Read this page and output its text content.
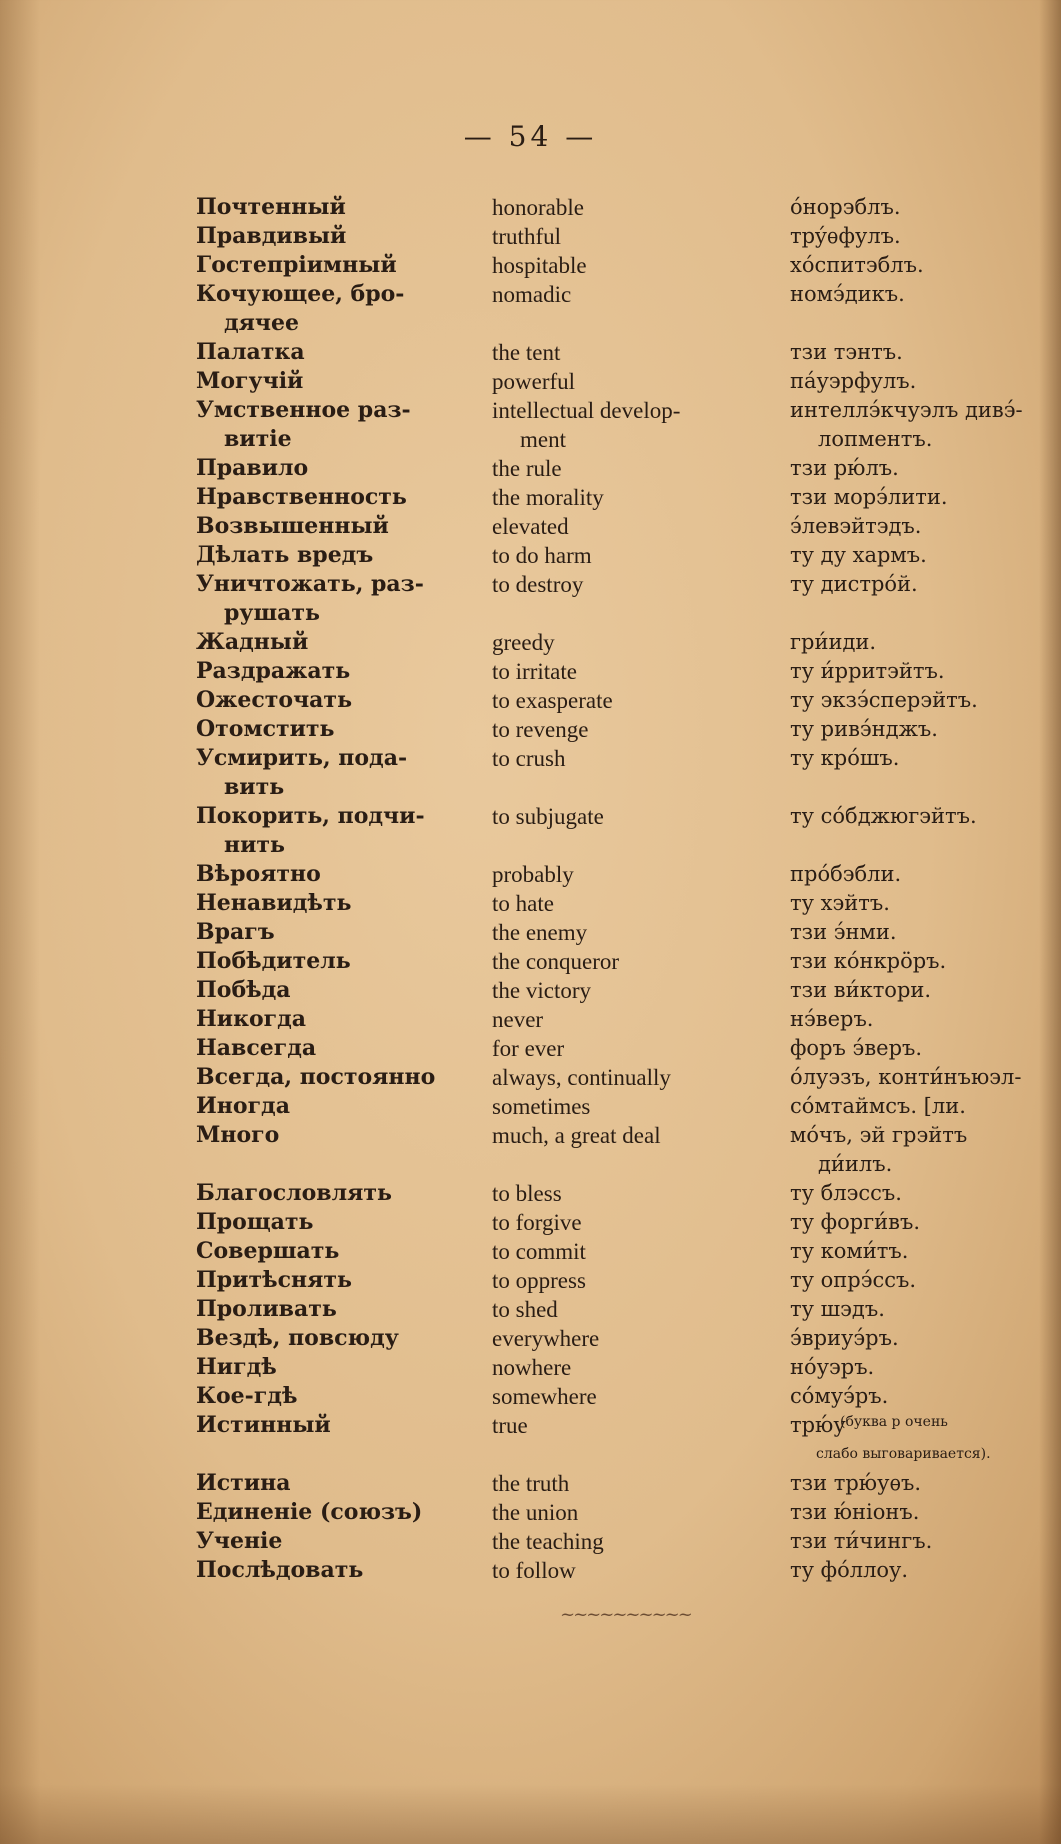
— 54 —
Почтенный	honorable	óнорэблъ.
Правдивый	truthful	трýѳфулъ.
Гостепріимный	hospitable	хóспитэблъ.
Кочующее, бро-	nomadic	номэ́дикъ.
дячее
Палатка	the tent	тзи тэнтъ.
Могучій	powerful	пáуэрфулъ.
Умственное раз-	intellectual develop-	интеллэ́кчуэлъ дивэ́-
витіе	ment	лопментъ.
Правило	the rule	тзи рю́лъ.
Нравственность	the morality	тзи морэ́лити.
Возвышенный	elevated	э́левэйтэдъ.
Дѣлать вредъ	to do harm	ту ду хармъ.
Уничтожать, раз-	to destroy	ту дистрóй.
рушать
Жадный	greedy	гри́иди.
Раздражать	to irritate	ту и́рритэйтъ.
Ожесточать	to exasperate	ту экзэ́сперэйтъ.
Отомстить	to revenge	ту ривэ́нджъ.
Усмирить, пода-	to crush	ту крóшъ.
вить
Покорить, подчи-	to subjugate	ту сóбджюгэйтъ.
нить
Вѣроятно	probably	прóбэбли.
Ненавидѣть	to hate	ту хэйтъ.
Врагъ	the enemy	тзи э́нми.
Побѣдитель	the conqueror	тзи кóнкрöръ.
Побѣда	the victory	тзи ви́ктори.
Никогда	never	нэ́веръ.
Навсегда	for ever	форъ э́веръ.
Всегда, постоянно	always, continually	óлуэзъ, конти́нъюэл-
Иногда	sometimes	сóмтаймсъ. [ли.
Много	much, a great deal	мóчъ, эй грэйтъ
ди́илъ.
Благословлять	to bless	ту блэссъ.
Прощать	to forgive	ту форги́въ.
Совершать	to commit	ту коми́тъ.
Притѣснять	to oppress	ту опрэ́ссъ.
Проливать	to shed	ту шэдъ.
Вездѣ, повсюду	everywhere	э́вриуэ́ръ.
Нигдѣ	nowhere	нóуэръ.
Кое-гдѣ	somewhere	сóмуэ́ръ.
Истинный	true	трю́у
(буква р очень
слабо выговаривается).
Истина	the truth	тзи трю́уѳъ.
Единеніе (союзъ)	the union	тзи ю́ніонъ.
Ученіе	the teaching	тзи ти́чингъ.
Послѣдовать	to follow	ту фóллоу.
~~~~~~~~~~
